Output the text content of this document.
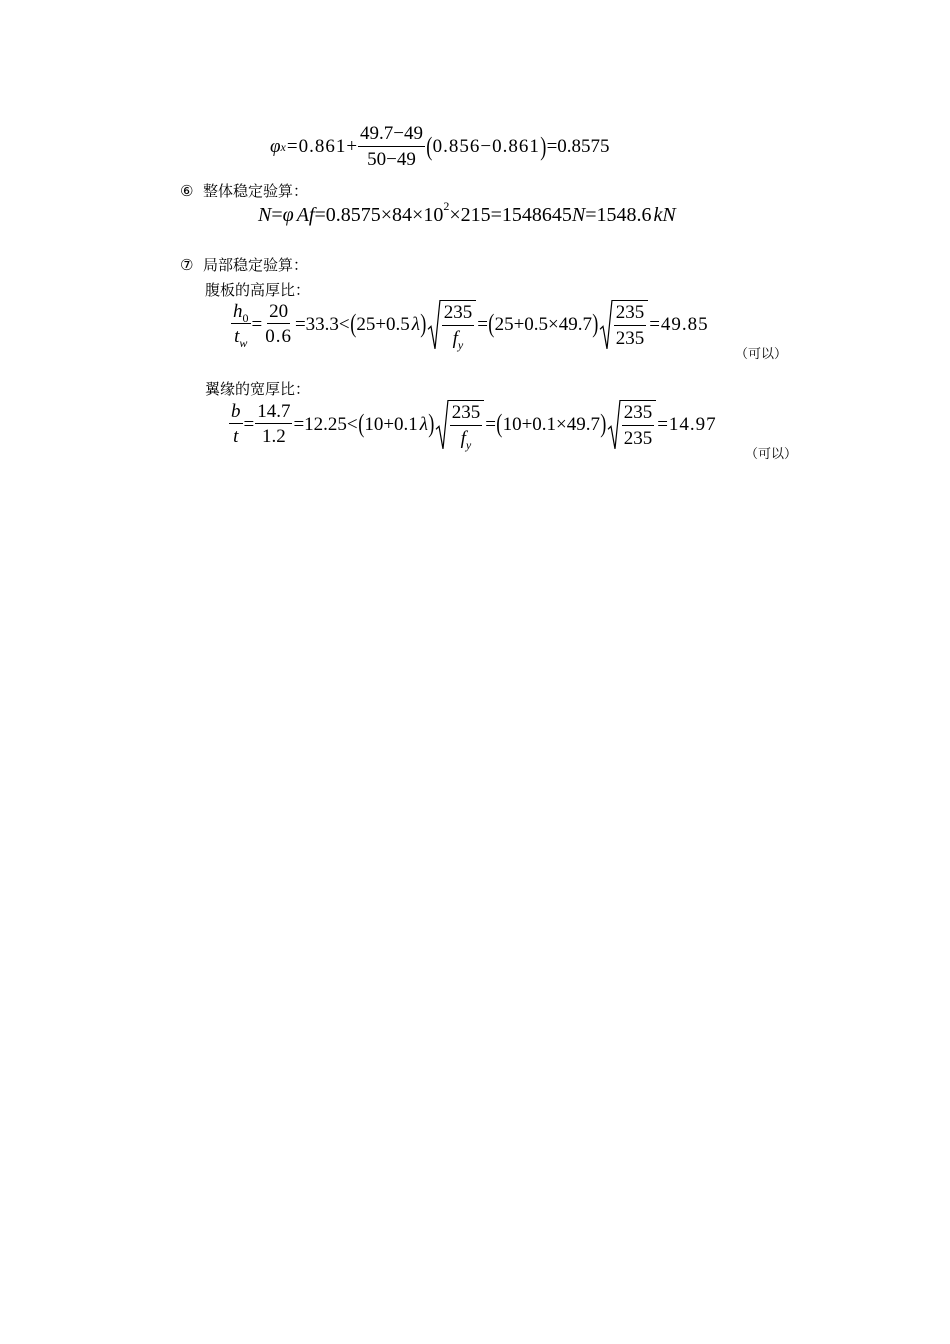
φ $x = 0.861 + \frac{49.7-49}{50-49}$ ( 0.856−0.861 ) =0.8575
⑥ 整体稳定验算：
N = φ $Af =0.8575\times 84\times 10^2 \times 215=1548645$ N =1548.6 kN
⑦ 局部稳定验算：
腹板的高厚比：
$\frac{h_0}{t_w} = \frac{20}{0.6} =33.3<$ ( 25+0.5 λ ) $\frac{235}{f_y}$ = ( 25+0.5×49.7 ) $\frac{235}{235} =49.85$
（可以）
翼缘的宽厚比：
$\frac{b}{t} = \frac{14.7}{1.2} =12.25<$ ( 10+0.1 λ ) $\frac{235}{f_y}$ = ( 10+0.1×49.7 ) $\frac{235}{235} =14.97$
（可以）
